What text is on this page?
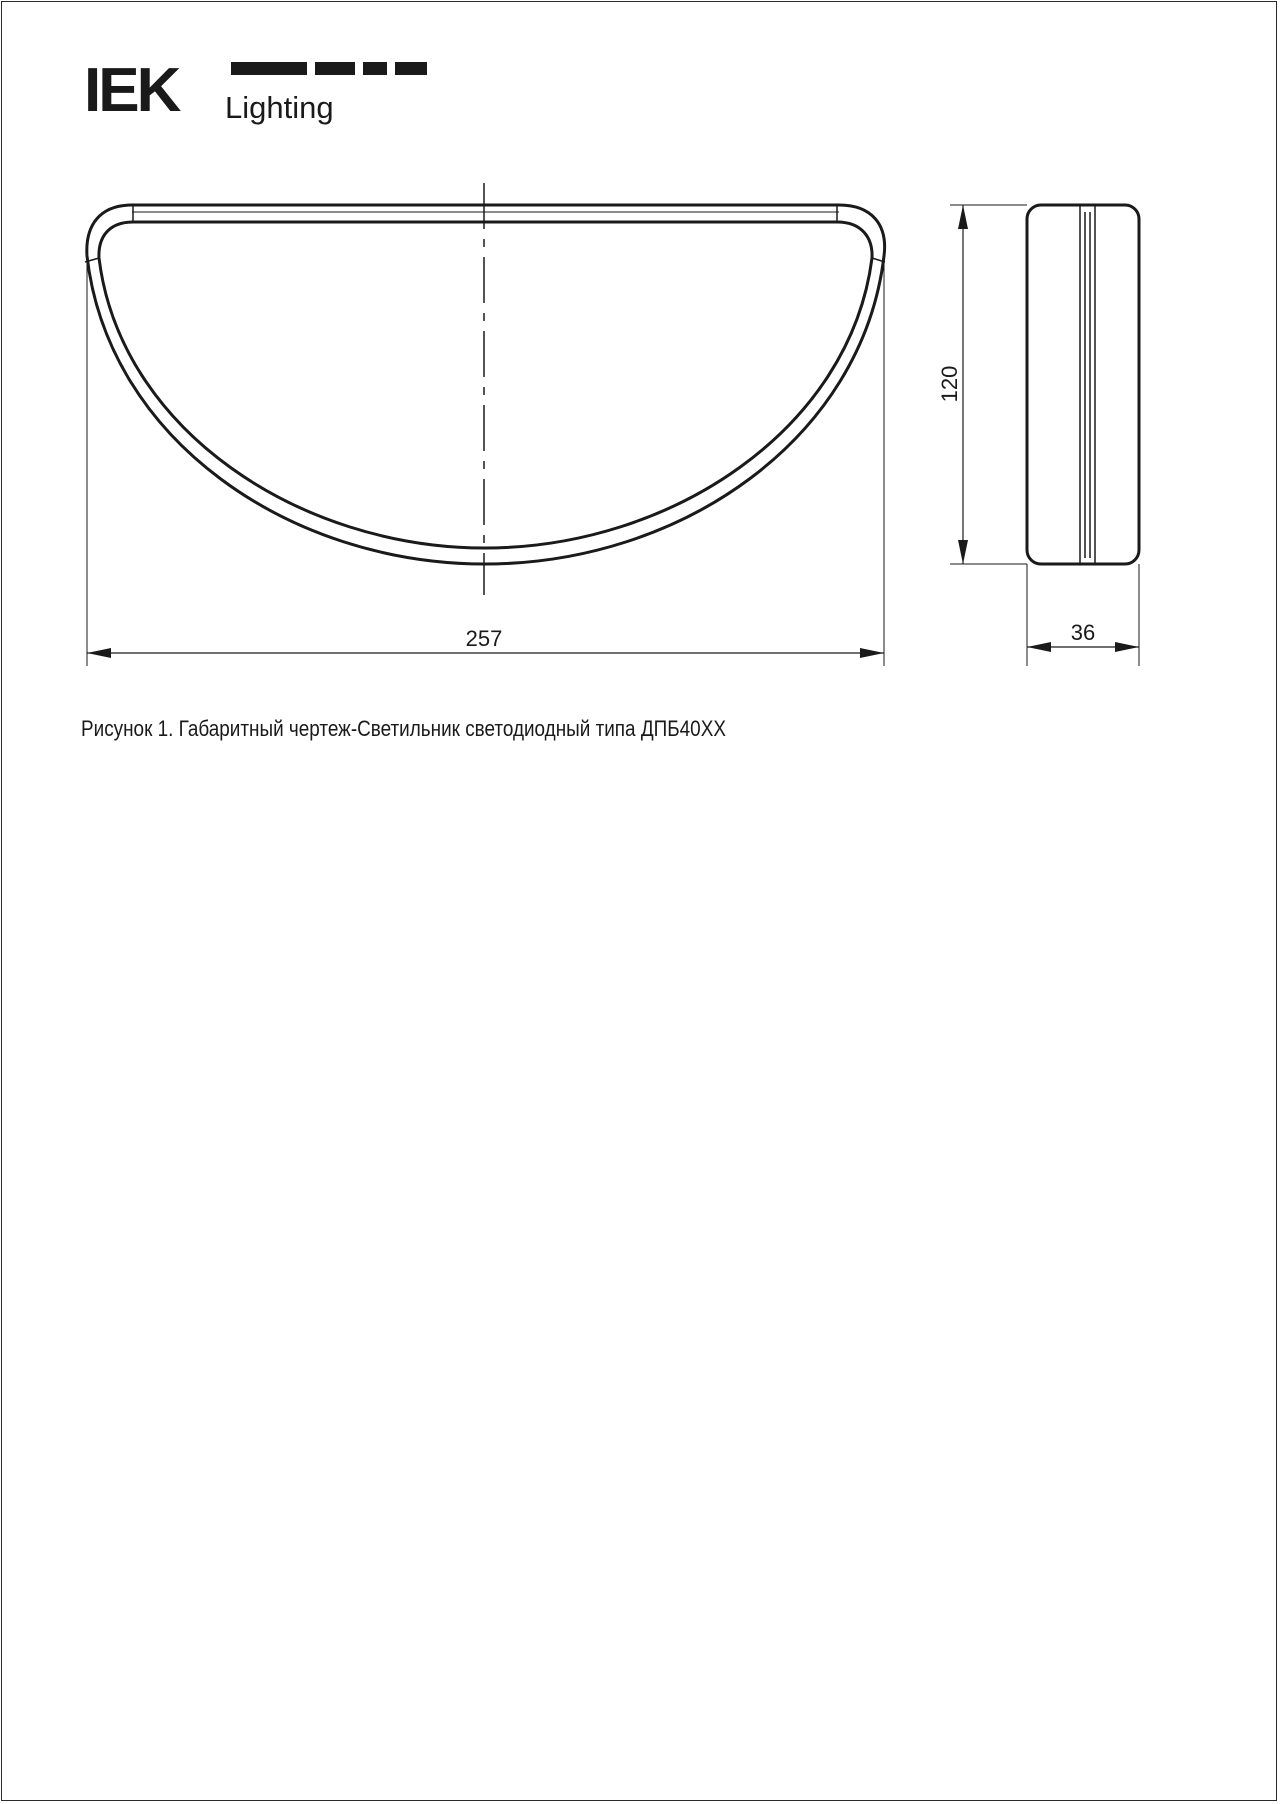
IEK Lighting
257
120
36
Рисунок 1. Габаритный чертеж-Светильник светодиодный типа ДПБ40ХХ
